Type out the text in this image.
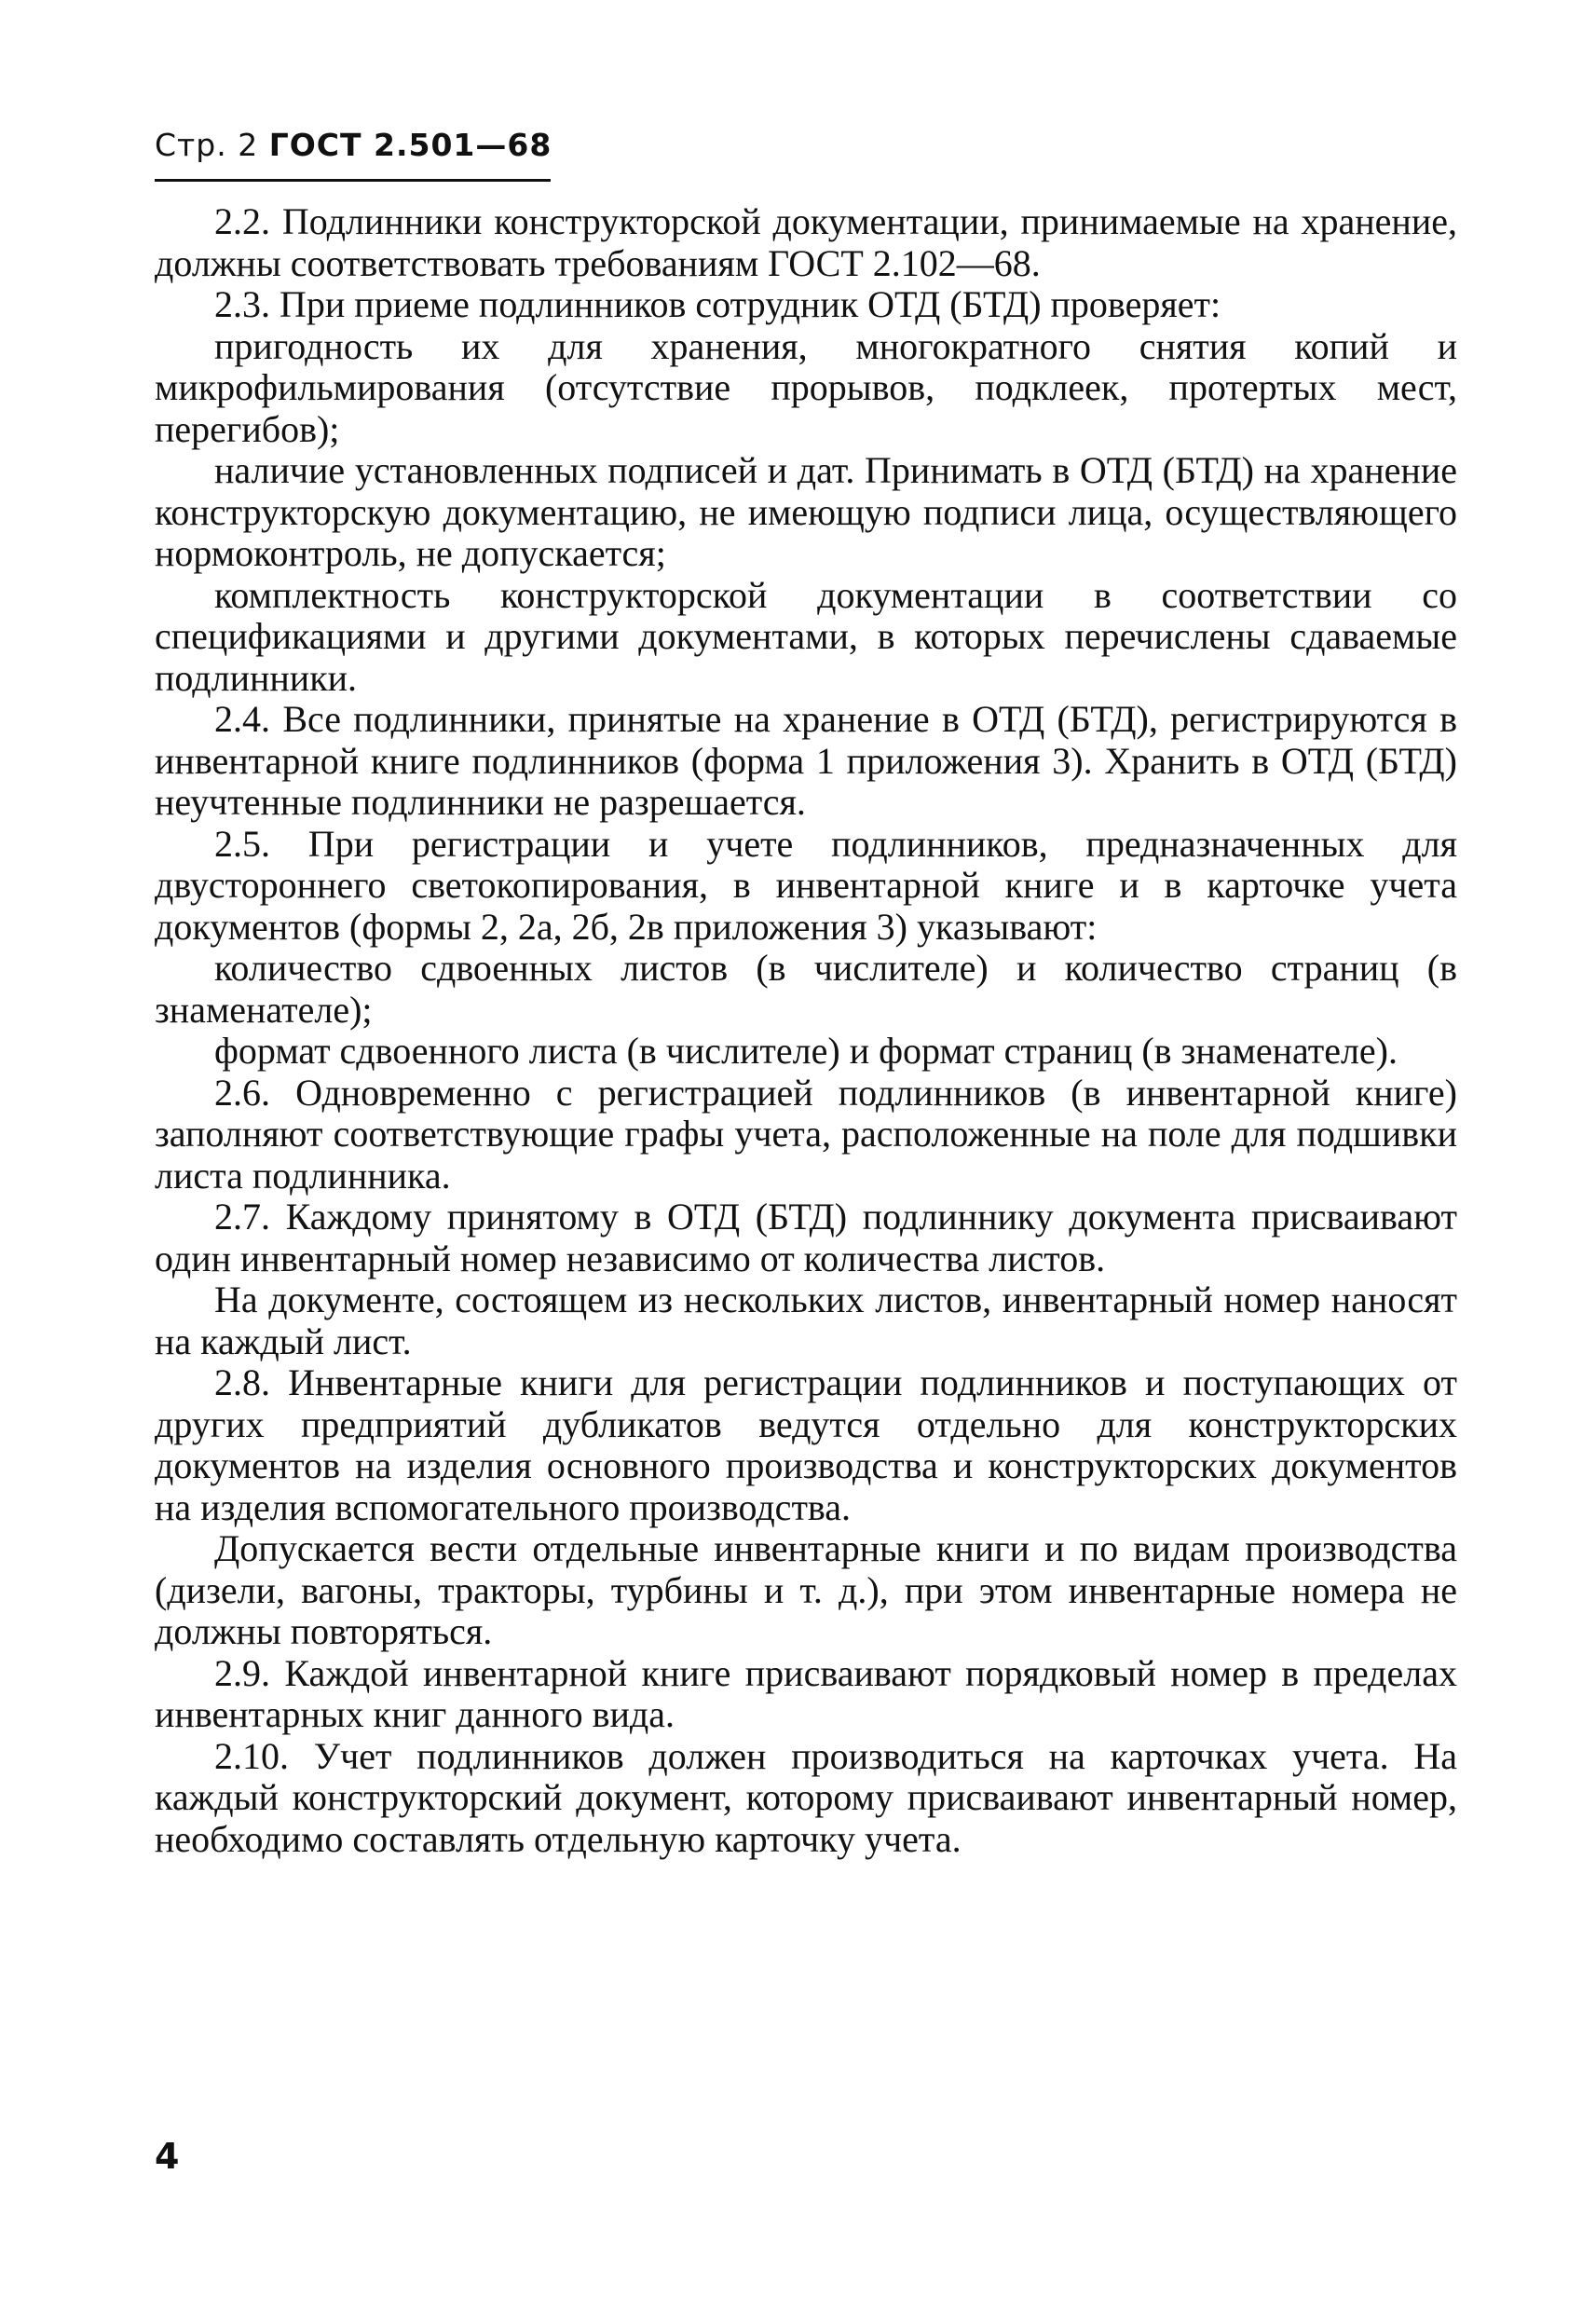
Стр. 2 ГОСТ 2.501—68

2.2. Подлинники конструкторской документации, принимаемые на хранение, должны соответствовать требованиям ГОСТ 2.102—68.

2.3. При приеме подлинников сотрудник ОТД (БТД) проверяет:

пригодность их для хранения, многократного снятия копий и микрофильмирования (отсутствие прорывов, подклеек, протертых мест, перегибов);

наличие установленных подписей и дат. Принимать в ОТД (БТД) на хранение конструкторскую документацию, не имеющую подписи лица, осуществляющего нормоконтроль, не допускается;

комплектность конструкторской документации в соответствии со спецификациями и другими документами, в которых перечислены сдаваемые подлинники.

2.4. Все подлинники, принятые на хранение в ОТД (БТД), регистрируются в инвентарной книге подлинников (форма 1 приложения 3). Хранить в ОТД (БТД) неучтенные подлинники не разрешается.

2.5. При регистрации и учете подлинников, предназначенных для двустороннего светокопирования, в инвентарной книге и в карточке учета документов (формы 2, 2а, 2б, 2в приложения 3) указывают:

количество сдвоенных листов (в числителе) и количество страниц (в знаменателе);

формат сдвоенного листа (в числителе) и формат страниц (в знаменателе).

2.6. Одновременно с регистрацией подлинников (в инвентарной книге) заполняют соответствующие графы учета, расположенные на поле для подшивки листа подлинника.

2.7. Каждому принятому в ОТД (БТД) подлиннику документа присваивают один инвентарный номер независимо от количества листов.

На документе, состоящем из нескольких листов, инвентарный номер наносят на каждый лист.

2.8. Инвентарные книги для регистрации подлинников и поступающих от других предприятий дубликатов ведутся отдельно для конструкторских документов на изделия основного производства и конструкторских документов на изделия вспомогательного производства.

Допускается вести отдельные инвентарные книги и по видам производства (дизели, вагоны, тракторы, турбины и т. д.), при этом инвентарные номера не должны повторяться.

2.9. Каждой инвентарной книге присваивают порядковый номер в пределах инвентарных книг данного вида.

2.10. Учет подлинников должен производиться на карточках учета. На каждый конструкторский документ, которому присваивают инвентарный номер, необходимо составлять отдельную карточку учета.

4
